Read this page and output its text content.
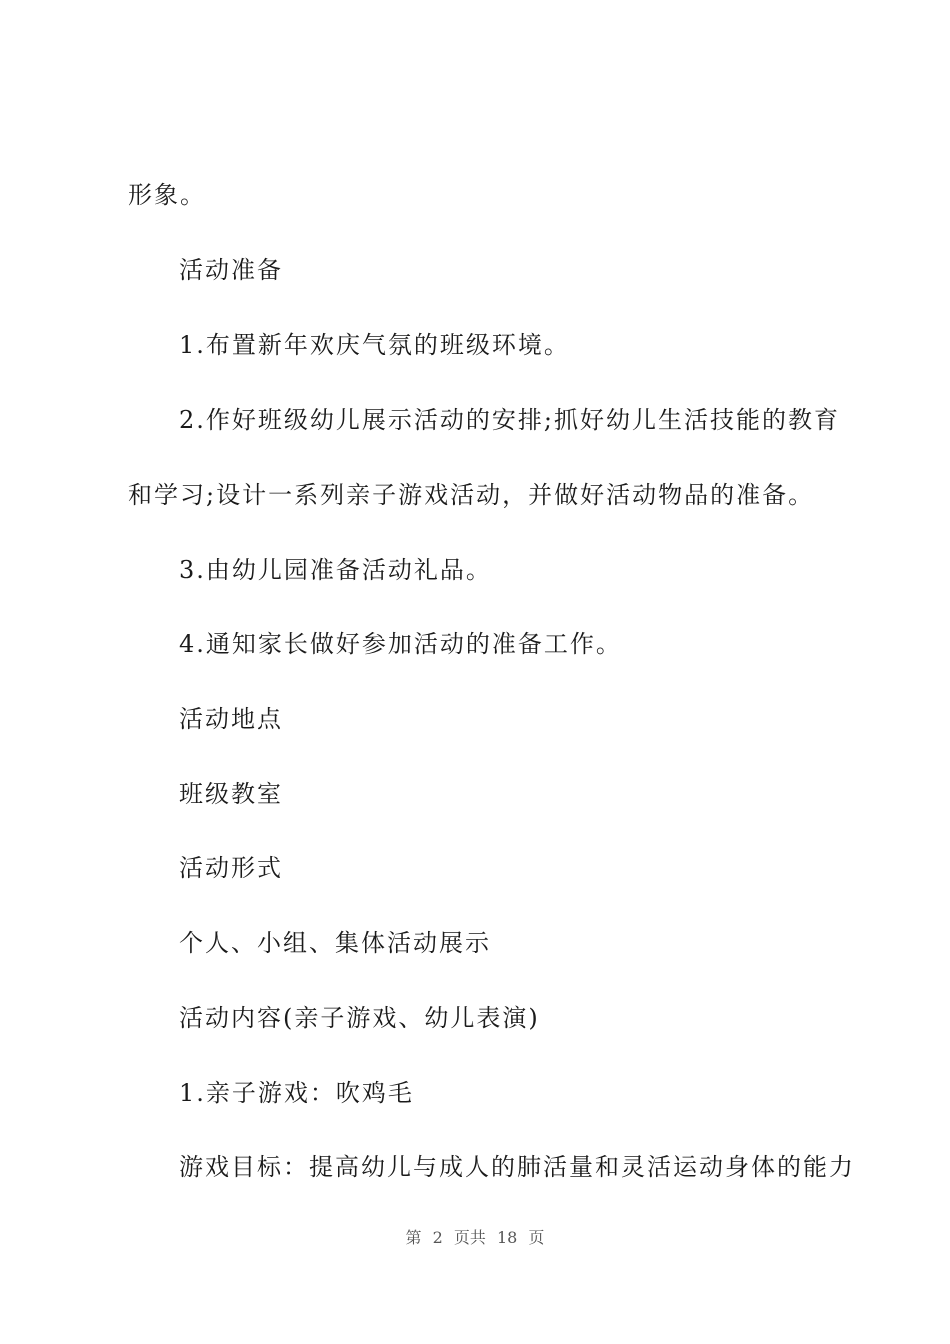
形象。
活动准备
1.布置新年欢庆气氛的班级环境。
2.作好班级幼儿展示活动的安排;抓好幼儿生活技能的教育
和学习;设计一系列亲子游戏活动，并做好活动物品的准备。
3.由幼儿园准备活动礼品。
4.通知家长做好参加活动的准备工作。
活动地点
班级教室
活动形式
个人、小组、集体活动展示
活动内容(亲子游戏、幼儿表演)
1.亲子游戏：吹鸡毛
游戏目标：提高幼儿与成人的肺活量和灵活运动身体的能力
第 2 页共 18 页
